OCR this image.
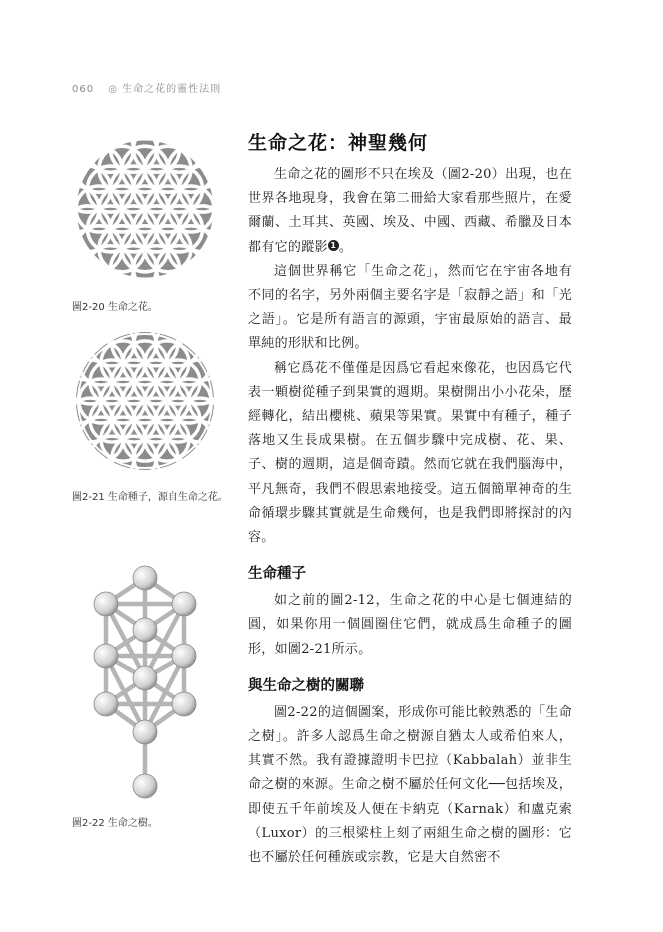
060 ◎ 生命之花的靈性法則
圖2-20 生命之花。
圖2-21 生命種子，源自生命之花。
圖2-22 生命之樹。
生命之花：神聖幾何

生命之花的圖形不只在埃及（圖2-20）出現，也在世界各地現身，我會在第二冊給大家看那些照片，在愛爾蘭、土耳其、英國、埃及、中國、西藏、希臘及日本都有它的蹤影 1 。

這個世界稱它「生命之花」，然而它在宇宙各地有不同的名字，另外兩個主要名字是「寂靜之語」和「光之語」。它是所有語言的源頭，宇宙最原始的語言、最單純的形狀和比例。

稱它爲花不僅僅是因爲它看起來像花，也因爲它代表一顆樹從種子到果實的週期。果樹開出小小花朵，歷經轉化，結出櫻桃、蘋果等果實。果實中有種子，種子落地又生長成果樹。在五個步驟中完成樹、花、果、子、樹的週期，這是個奇蹟。然而它就在我們腦海中，平凡無奇，我們不假思索地接受。這五個簡單神奇的生命循環步驟其實就是生命幾何，也是我們即將探討的內容。

生命種子

如之前的圖2-12，生命之花的中心是七個連結的圓，如果你用一個圓圈住它們，就成爲生命種子的圖形，如圖2-21所示。

與生命之樹的關聯

圖2-22的這個圖案，形成你可能比較熟悉的「生命之樹」。許多人認爲生命之樹源自猶太人或希伯來人，其實不然。我有證據證明卡巴拉（Kabbalah）並非生命之樹的來源。生命之樹不屬於任何文化──包括埃及，即使五千年前埃及人便在卡納克（Karnak）和盧克索（Luxor）的三根梁柱上刻了兩組生命之樹的圖形：它也不屬於任何種族或宗教，它是大自然密不
